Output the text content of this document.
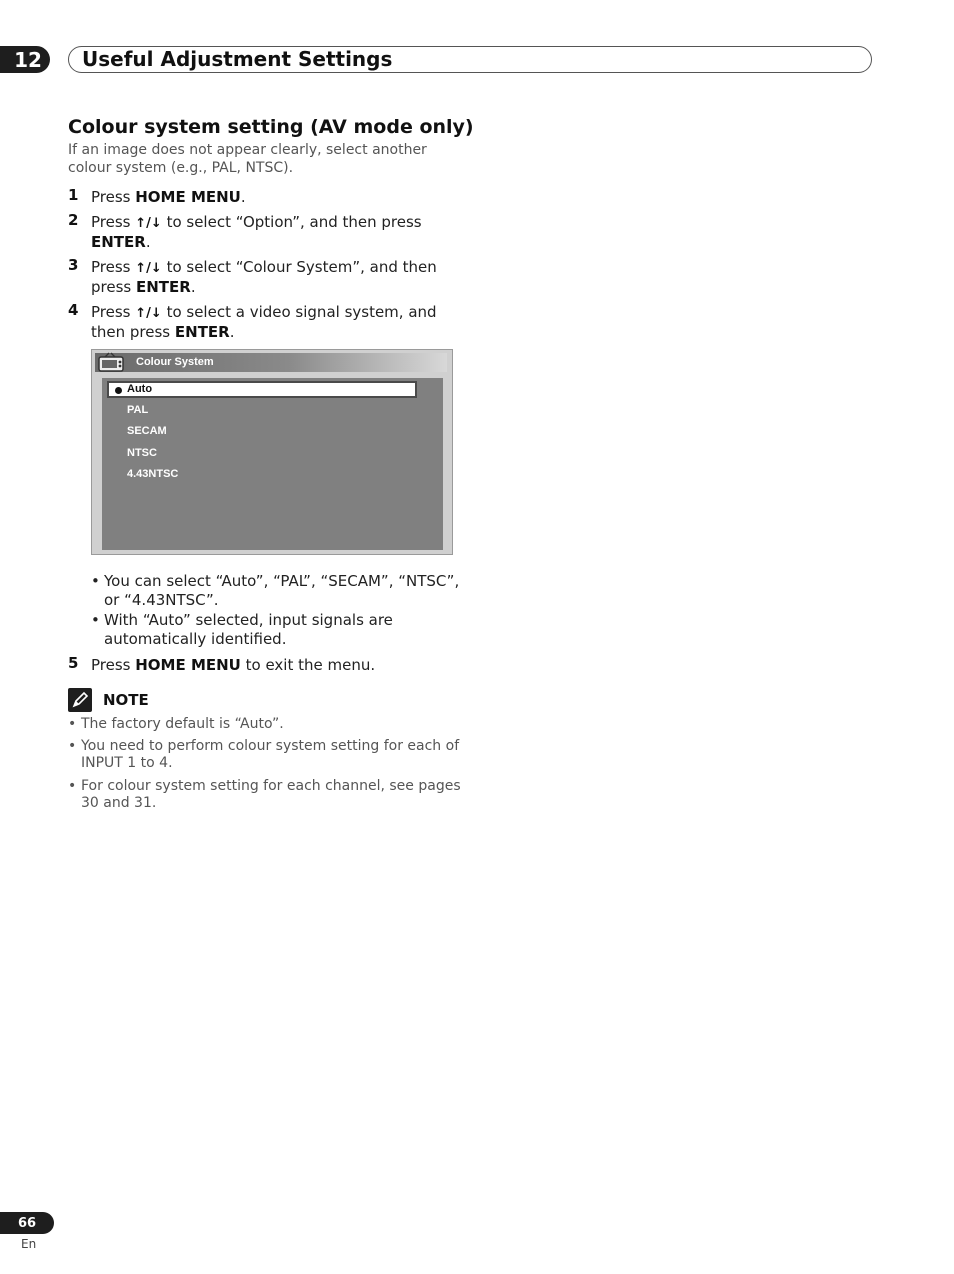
12	Useful Adjustment Settings
Colour system setting (AV mode only)
If an image does not appear clearly, select another colour system (e.g., PAL, NTSC).
1 Press HOME MENU.
2 Press ↑/↓ to select “Option”, and then press ENTER.
3 Press ↑/↓ to select “Colour System”, and then press ENTER.
4 Press ↑/↓ to select a video signal system, and then press ENTER.
Colour System
Auto
PAL
SECAM
NTSC
4.43NTSC
• You can select “Auto”, “PAL”, “SECAM”, “NTSC”, or “4.43NTSC”.
• With “Auto” selected, input signals are automatically identified.
5 Press HOME MENU to exit the menu.
NOTE
• The factory default is “Auto”.
• You need to perform colour system setting for each of INPUT 1 to 4.
• For colour system setting for each channel, see pages 30 and 31.
66
En
